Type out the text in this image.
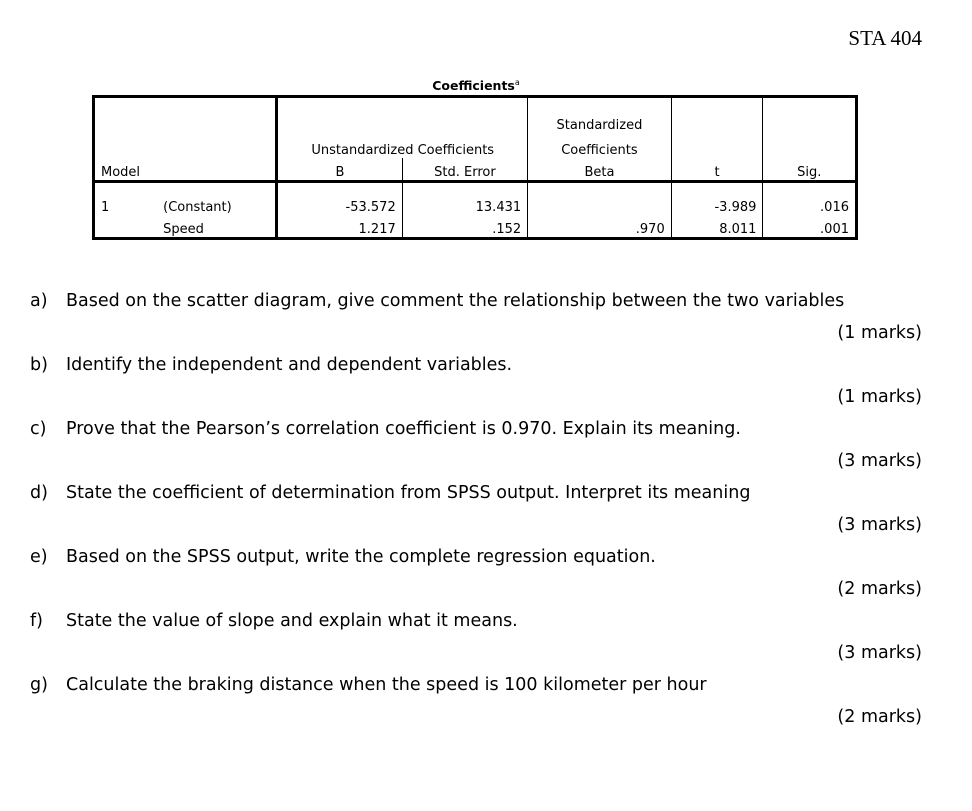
STA 404
Coefficients$^a$
				Standardized		
		Unstandardized Coefficients		Coefficients		
Model		B	Std. Error	Beta	t	Sig.
1	(Constant)	-53.572	13.431		-3.989	.016
	Speed	1.217	.152	.970	8.011	.001
a) Based on the scatter diagram, give comment the relationship between the two variables
(1 marks)
b) Identify the independent and dependent variables.
(1 marks)
c) Prove that the Pearson’s correlation coefficient is 0.970. Explain its meaning.
(3 marks)
d) State the coefficient of determination from SPSS output. Interpret its meaning
(3 marks)
e) Based on the SPSS output, write the complete regression equation.
(2 marks)
f) State the value of slope and explain what it means.
(3 marks)
g) Calculate the braking distance when the speed is 100 kilometer per hour
(2 marks)
